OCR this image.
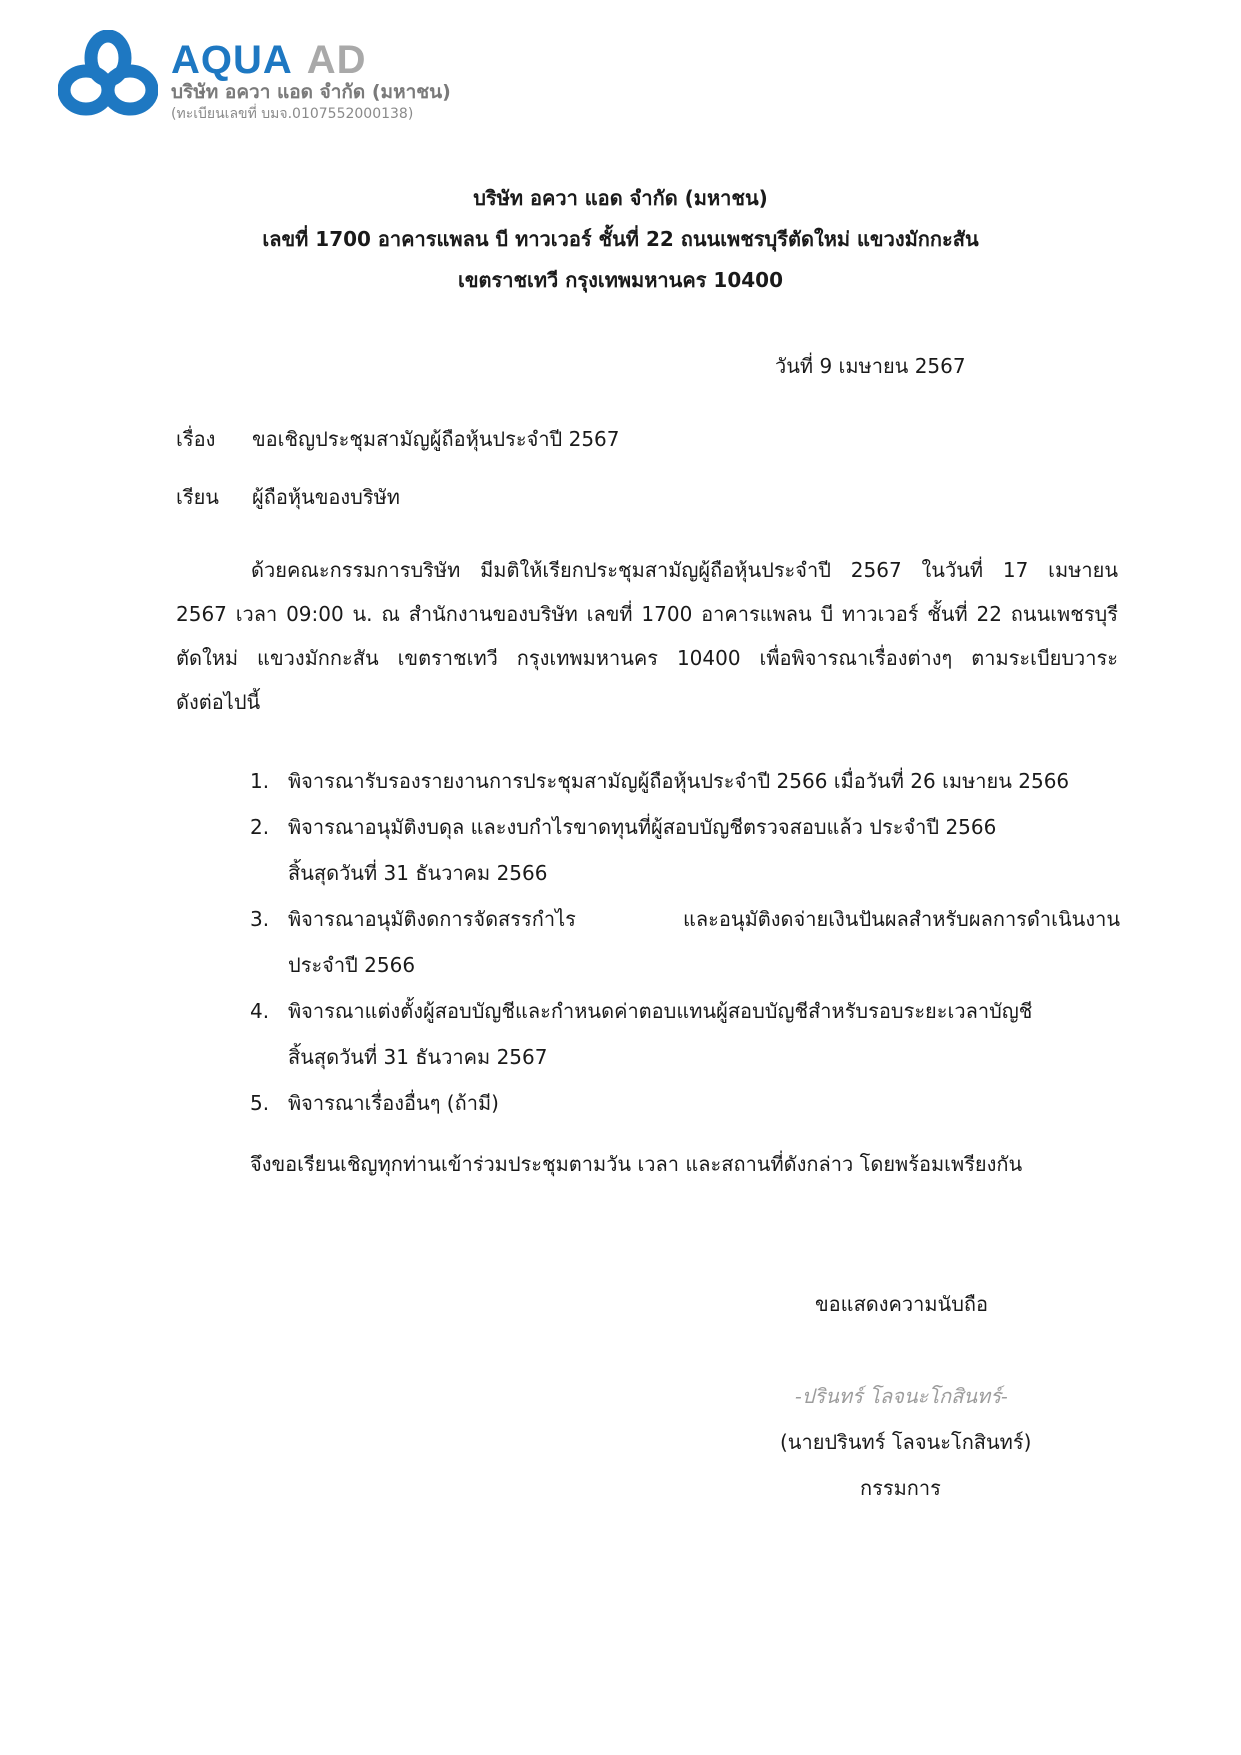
AQUA AD
บริษัท อควา แอด จำกัด (มหาชน)
(ทะเบียนเลขที่ บมจ.0107552000138)
บริษัท อควา แอด จำกัด (มหาชน)
เลขที่ 1700 อาคารแพลน บี ทาวเวอร์ ชั้นที่ 22 ถนนเพชรบุรีตัดใหม่ แขวงมักกะสัน
เขตราชเทวี กรุงเทพมหานคร 10400
วันที่ 9 เมษายน 2567
เรื่อง ขอเชิญประชุมสามัญผู้ถือหุ้นประจำปี 2567
เรียน ผู้ถือหุ้นของบริษัท
ด้วยคณะกรรมการบริษัท มีมติให้เรียกประชุมสามัญผู้ถือหุ้นประจำปี 2567 ในวันที่ 17 เมษายน
2567 เวลา 09:00 น. ณ สำนักงานของบริษัท เลขที่ 1700 อาคารแพลน บี ทาวเวอร์ ชั้นที่ 22 ถนนเพชรบุรี
ตัดใหม่ แขวงมักกะสัน เขตราชเทวี กรุงเทพมหานคร 10400 เพื่อพิจารณาเรื่องต่างๆ ตามระเบียบวาระ
ดังต่อไปนี้
1. พิจารณารับรองรายงานการประชุมสามัญผู้ถือหุ้นประจำปี 2566 เมื่อวันที่ 26 เมษายน 2566
2. พิจารณาอนุมัติงบดุล และงบกำไรขาดทุนที่ผู้สอบบัญชีตรวจสอบแล้ว ประจำปี 2566
สิ้นสุดวันที่ 31 ธันวาคม 2566
3. พิจารณาอนุมัติงดการจัดสรรกำไร และอนุมัติงดจ่ายเงินปันผลสำหรับผลการดำเนินงาน
ประจำปี 2566
4. พิจารณาแต่งตั้งผู้สอบบัญชีและกำหนดค่าตอบแทนผู้สอบบัญชีสำหรับรอบระยะเวลาบัญชี
สิ้นสุดวันที่ 31 ธันวาคม 2567
5. พิจารณาเรื่องอื่นๆ (ถ้ามี)
จึงขอเรียนเชิญทุกท่านเข้าร่วมประชุมตามวัน เวลา และสถานที่ดังกล่าว โดยพร้อมเพรียงกัน
ขอแสดงความนับถือ
-ปรินทร์ โลจนะโกสินทร์-
(นายปรินทร์ โลจนะโกสินทร์)
กรรมการ
